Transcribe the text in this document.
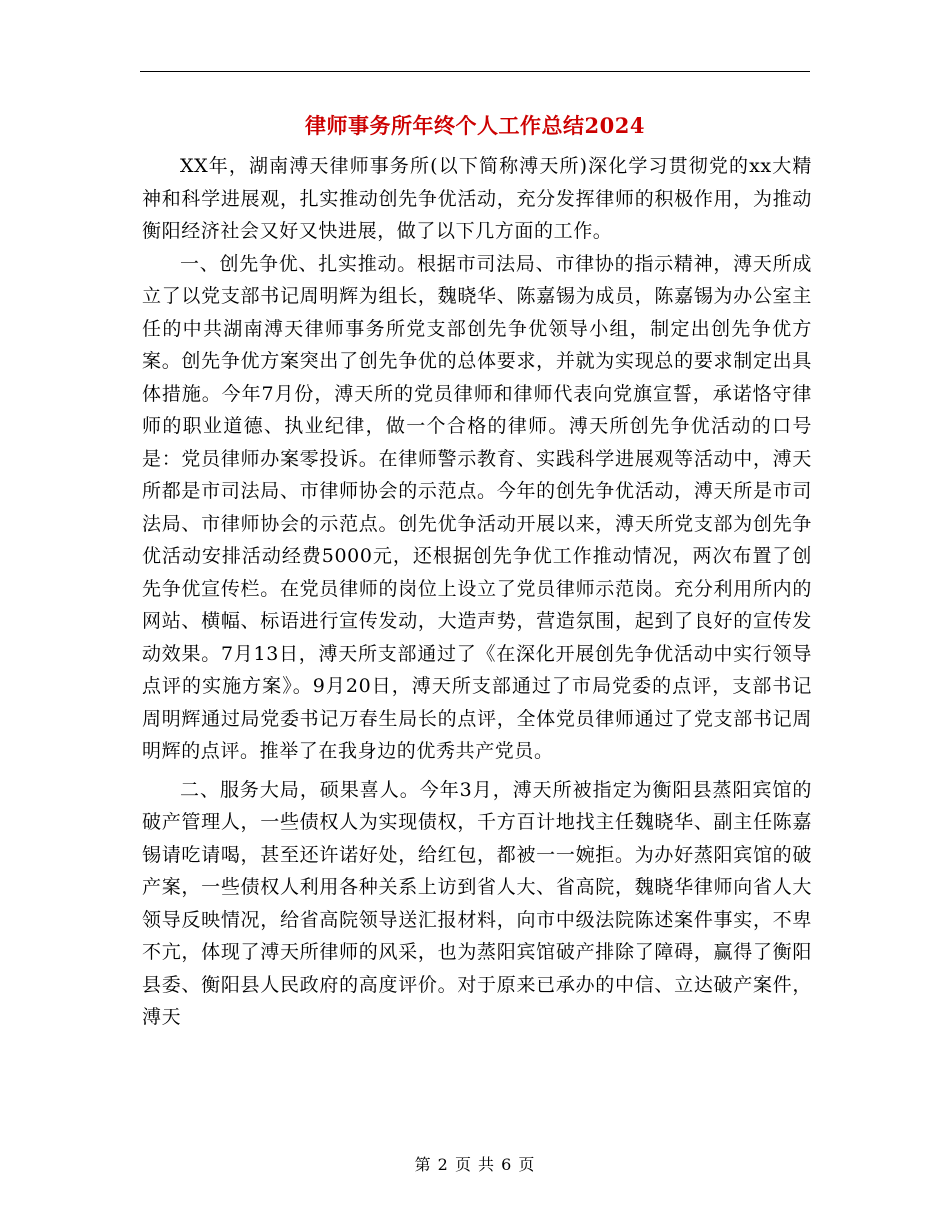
律师事务所年终个人工作总结2024

XX年，湖南溥天律师事务所(以下简称溥天所)深化学习贯彻党的xx大精神和科学进展观，扎实推动创先争优活动，充分发挥律师的积极作用，为推动衡阳经济社会又好又快进展，做了以下几方面的工作。

一、创先争优、扎实推动。根据市司法局、市律协的指示精神，溥天所成立了以党支部书记周明辉为组长，魏晓华、陈嘉锡为成员，陈嘉锡为办公室主任的中共湖南溥天律师事务所党支部创先争优领导小组，制定出创先争优方案。创先争优方案突出了创先争优的总体要求，并就为实现总的要求制定出具体措施。今年7月份，溥天所的党员律师和律师代表向党旗宣誓，承诺恪守律师的职业道德、执业纪律，做一个合格的律师。溥天所创先争优活动的口号是：党员律师办案零投诉。在律师警示教育、实践科学进展观等活动中，溥天所都是市司法局、市律师协会的示范点。今年的创先争优活动，溥天所是市司法局、市律师协会的示范点。创先优争活动开展以来，溥天所党支部为创先争优活动安排活动经费5000元，还根据创先争优工作推动情况，两次布置了创先争优宣传栏。在党员律师的岗位上设立了党员律师示范岗。充分利用所内的网站、横幅、标语进行宣传发动，大造声势，营造氛围，起到了良好的宣传发动效果。7月13日，溥天所支部通过了《在深化开展创先争优活动中实行领导点评的实施方案》。9月20日，溥天所支部通过了市局党委的点评，支部书记周明辉通过局党委书记万春生局长的点评，全体党员律师通过了党支部书记周明辉的点评。推举了在我身边的优秀共产党员。

二、服务大局，硕果喜人。今年3月，溥天所被指定为衡阳县蒸阳宾馆的破产管理人，一些债权人为实现债权，千方百计地找主任魏晓华、副主任陈嘉锡请吃请喝，甚至还许诺好处，给红包，都被一一婉拒。为办好蒸阳宾馆的破产案，一些债权人利用各种关系上访到省人大、省高院，魏晓华律师向省人大领导反映情况，给省高院领导送汇报材料，向市中级法院陈述案件事实，不卑不亢，体现了溥天所律师的风采，也为蒸阳宾馆破产排除了障碍，赢得了衡阳县委、衡阳县人民政府的高度评价。对于原来已承办的中信、立达破产案件，溥天

第 2 页 共 6 页
